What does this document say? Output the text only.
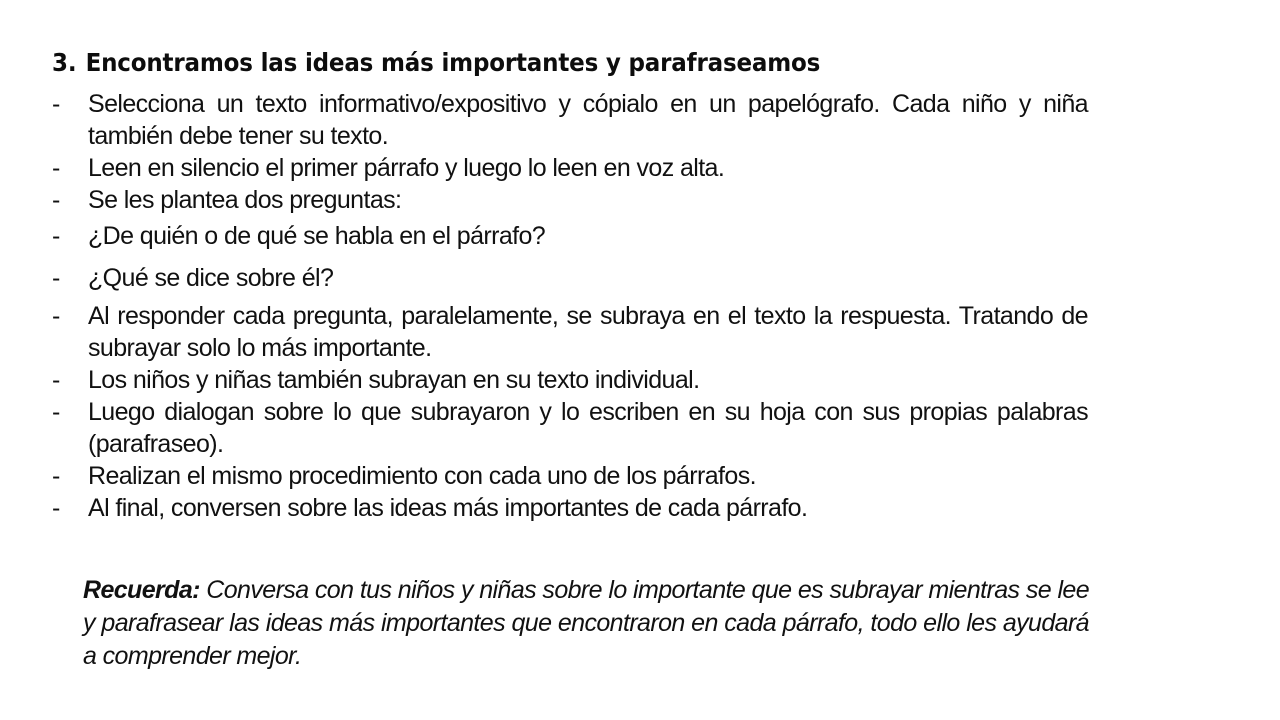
3. Encontramos las ideas más importantes y parafraseamos
- Selecciona un texto informativo/expositivo y cópialo en un papelógrafo. Cada niño y niña también debe tener su texto.
- Leen en silencio el primer párrafo y luego lo leen en voz alta.
- Se les plantea dos preguntas:
- ¿De quién o de qué se habla en el párrafo?
- ¿Qué se dice sobre él?
- Al responder cada pregunta, paralelamente, se subraya en el texto la respuesta. Tratando de subrayar solo lo más importante.
- Los niños y niñas también subrayan en su texto individual.
- Luego dialogan sobre lo que subrayaron y lo escriben en su hoja con sus propias palabras (parafraseo).
- Realizan el mismo procedimiento con cada uno de los párrafos.
- Al final, conversen sobre las ideas más importantes de cada párrafo.

Recuerda: Conversa con tus niños y niñas sobre lo importante que es subrayar mientras se lee y parafrasear las ideas más importantes que encontraron en cada párrafo, todo ello les ayudará a comprender mejor.
